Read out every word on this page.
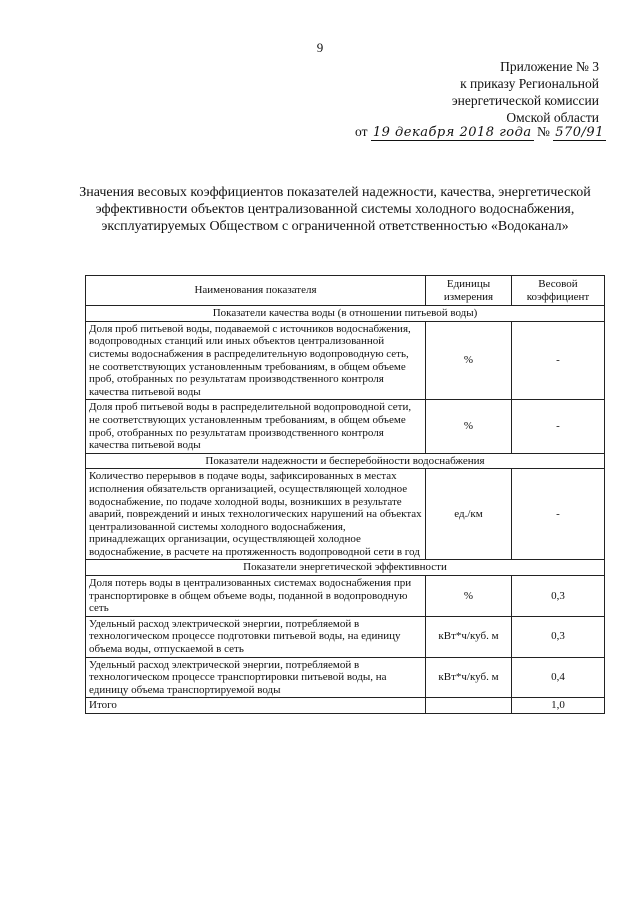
9
Приложение № 3
к приказу Региональной
энергетической комиссии
Омской области
от 19 декабря 2018 года № 570/91
Значения весовых коэффициентов показателей надежности, качества, энергетической эффективности объектов централизованной системы холодного водоснабжения, эксплуатируемых Обществом с ограниченной ответственностью «Водоканал»
Наименования показателя	Единицы измерения	Весовой коэффициент
Показатели качества воды (в отношении питьевой воды)		
Доля проб питьевой воды, подаваемой с источников водоснабжения, водопроводных станций или иных объектов централизованной системы водоснабжения в распределительную водопроводную сеть, не соответствующих установленным требованиям, в общем объеме проб, отобранных по результатам производственного контроля качества питьевой воды	%	-
Доля проб питьевой воды в распределительной водопроводной сети, не соответствующих установленным требованиям, в общем объеме проб, отобранных по результатам производственного контроля качества питьевой воды	%	-
Показатели надежности и бесперебойности водоснабжения		
Количество перерывов в подаче воды, зафиксированных в местах исполнения обязательств организацией, осуществляющей холодное водоснабжение, по подаче холодной воды, возникших в результате аварий, повреждений и иных технологических нарушений на объектах централизованной системы холодного водоснабжения, принадлежащих организации, осуществляющей холодное водоснабжение, в расчете на протяженность водопроводной сети в год	ед./км	-
Показатели энергетической эффективности		
Доля потерь воды в централизованных системах водоснабжения при транспортировке в общем объеме воды, поданной в водопроводную сеть	%	0,3
Удельный расход электрической энергии, потребляемой в технологическом процессе подготовки питьевой воды, на единицу объема воды, отпускаемой в сеть	кВт*ч/куб. м	0,3
Удельный расход электрической энергии, потребляемой в технологическом процессе транспортировки питьевой воды, на единицу объема транспортируемой воды	кВт*ч/куб. м	0,4
Итого		1,0
